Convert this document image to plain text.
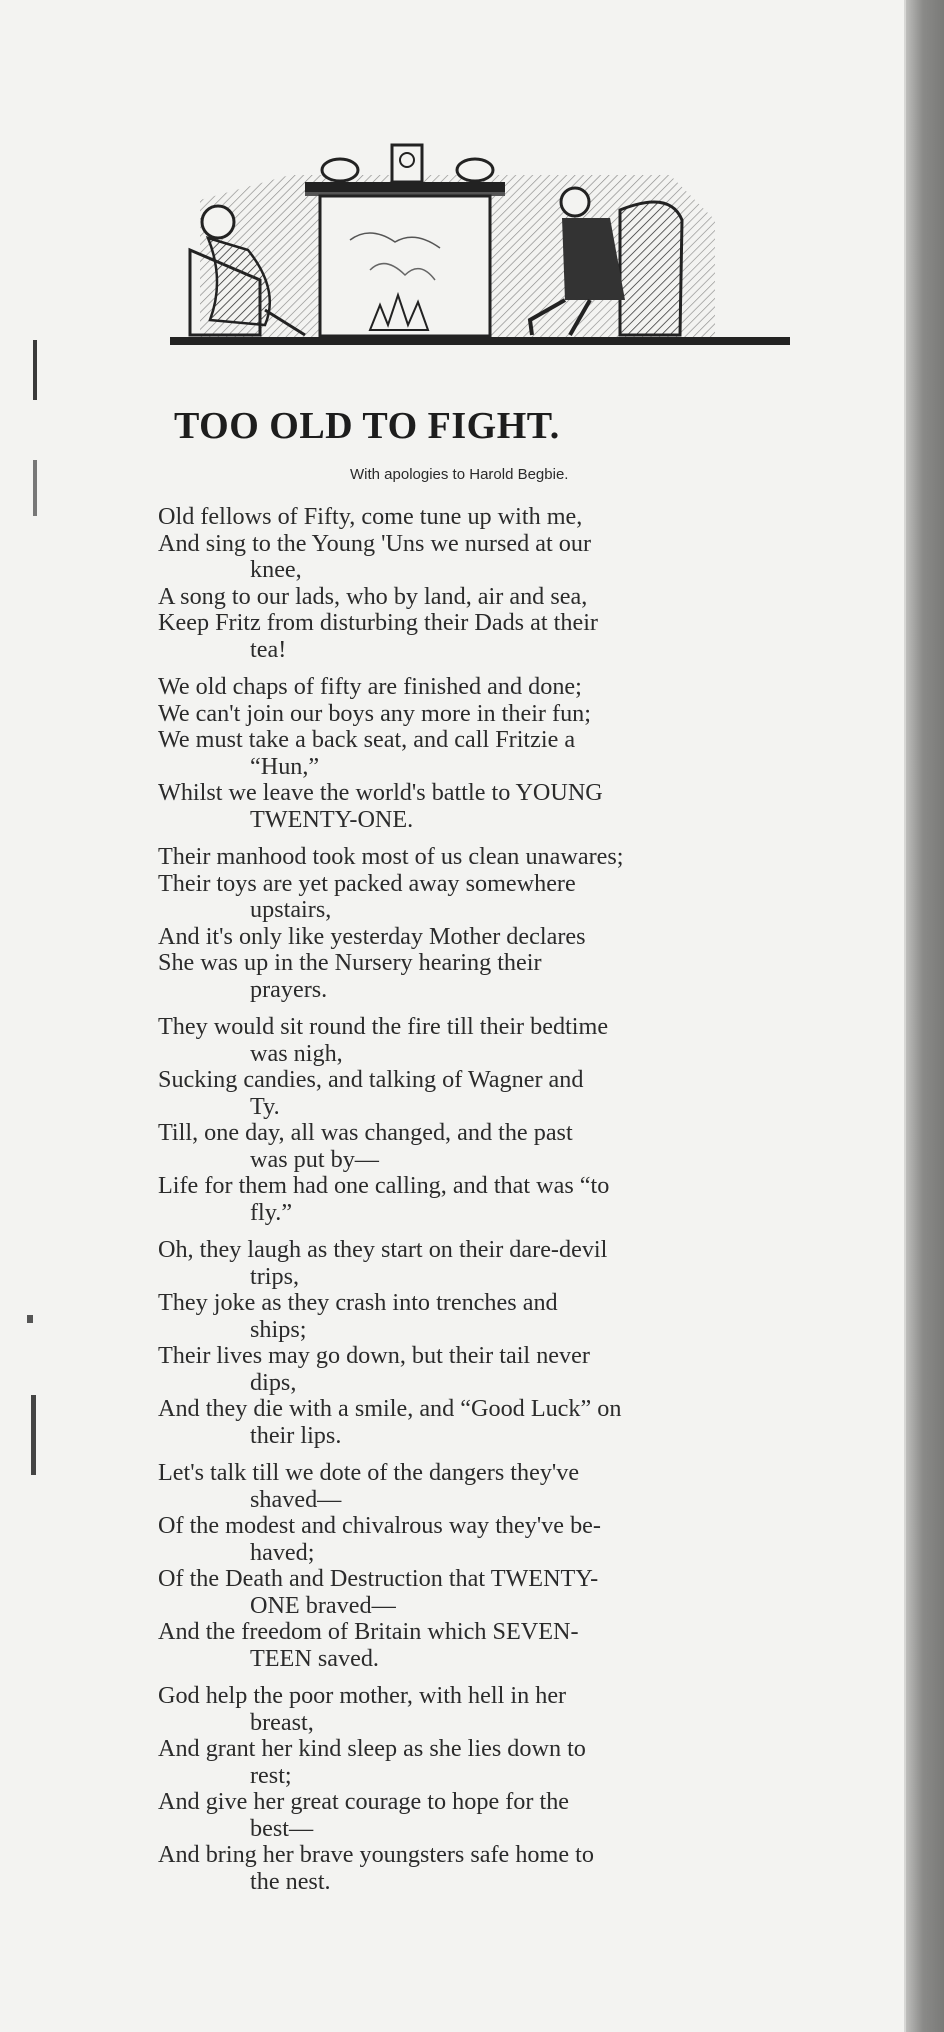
TOO OLD TO FIGHT.

With apologies to Harold Begbie.

Old fellows of Fifty, come tune up with me,
And sing to the Young 'Uns we nursed at our
knee,
A song to our lads, who by land, air and sea,
Keep Fritz from disturbing their Dads at their
tea!
We old chaps of fifty are finished and done;
We can't join our boys any more in their fun;
We must take a back seat, and call Fritzie a
“Hun,”
Whilst we leave the world's battle to YOUNG
TWENTY-ONE.
Their manhood took most of us clean unawares;
Their toys are yet packed away somewhere
upstairs,
And it's only like yesterday Mother declares
She was up in the Nursery hearing their
prayers.
They would sit round the fire till their bedtime
was nigh,
Sucking candies, and talking of Wagner and
Ty.
Till, one day, all was changed, and the past
was put by—
Life for them had one calling, and that was “to
fly.”
Oh, they laugh as they start on their dare-devil
trips,
They joke as they crash into trenches and
ships;
Their lives may go down, but their tail never
dips,
And they die with a smile, and “Good Luck” on
their lips.
Let's talk till we dote of the dangers they've
shaved—
Of the modest and chivalrous way they've be-
haved;
Of the Death and Destruction that TWENTY-
ONE braved—
And the freedom of Britain which SEVEN-
TEEN saved.
God help the poor mother, with hell in her
breast,
And grant her kind sleep as she lies down to
rest;
And give her great courage to hope for the
best—
And bring her brave youngsters safe home to
the nest.
